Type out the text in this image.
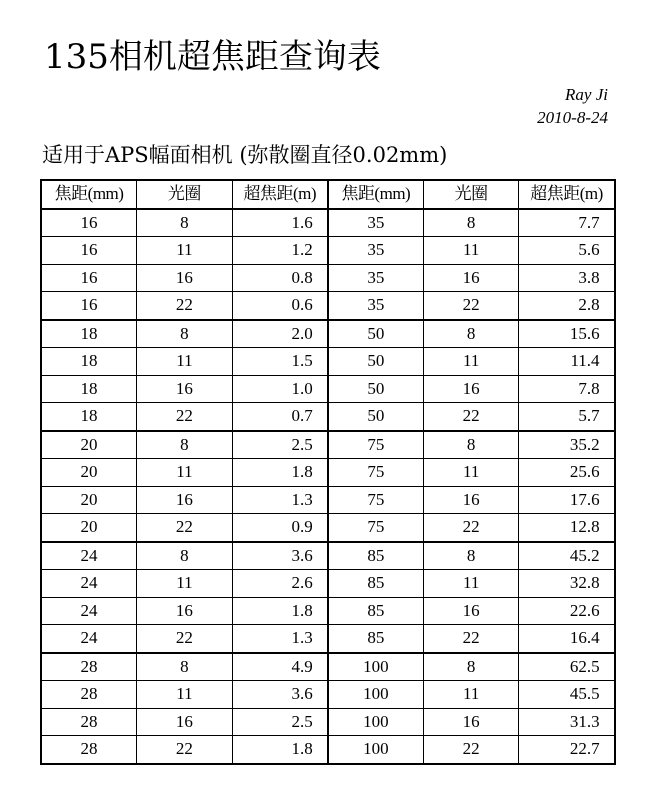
135相机超焦距查询表
Ray Ji
2010-8-24
适用于APS幅面相机 (弥散圈直径0.02mm)
焦距(mm)	光圈	超焦距(m)	焦距(mm)	光圈	超焦距(m)
16	8	1.6	35	8	7.7
16	11	1.2	35	11	5.6
16	16	0.8	35	16	3.8
16	22	0.6	35	22	2.8
18	8	2.0	50	8	15.6
18	11	1.5	50	11	11.4
18	16	1.0	50	16	7.8
18	22	0.7	50	22	5.7
20	8	2.5	75	8	35.2
20	11	1.8	75	11	25.6
20	16	1.3	75	16	17.6
20	22	0.9	75	22	12.8
24	8	3.6	85	8	45.2
24	11	2.6	85	11	32.8
24	16	1.8	85	16	22.6
24	22	1.3	85	22	16.4
28	8	4.9	100	8	62.5
28	11	3.6	100	11	45.5
28	16	2.5	100	16	31.3
28	22	1.8	100	22	22.7
